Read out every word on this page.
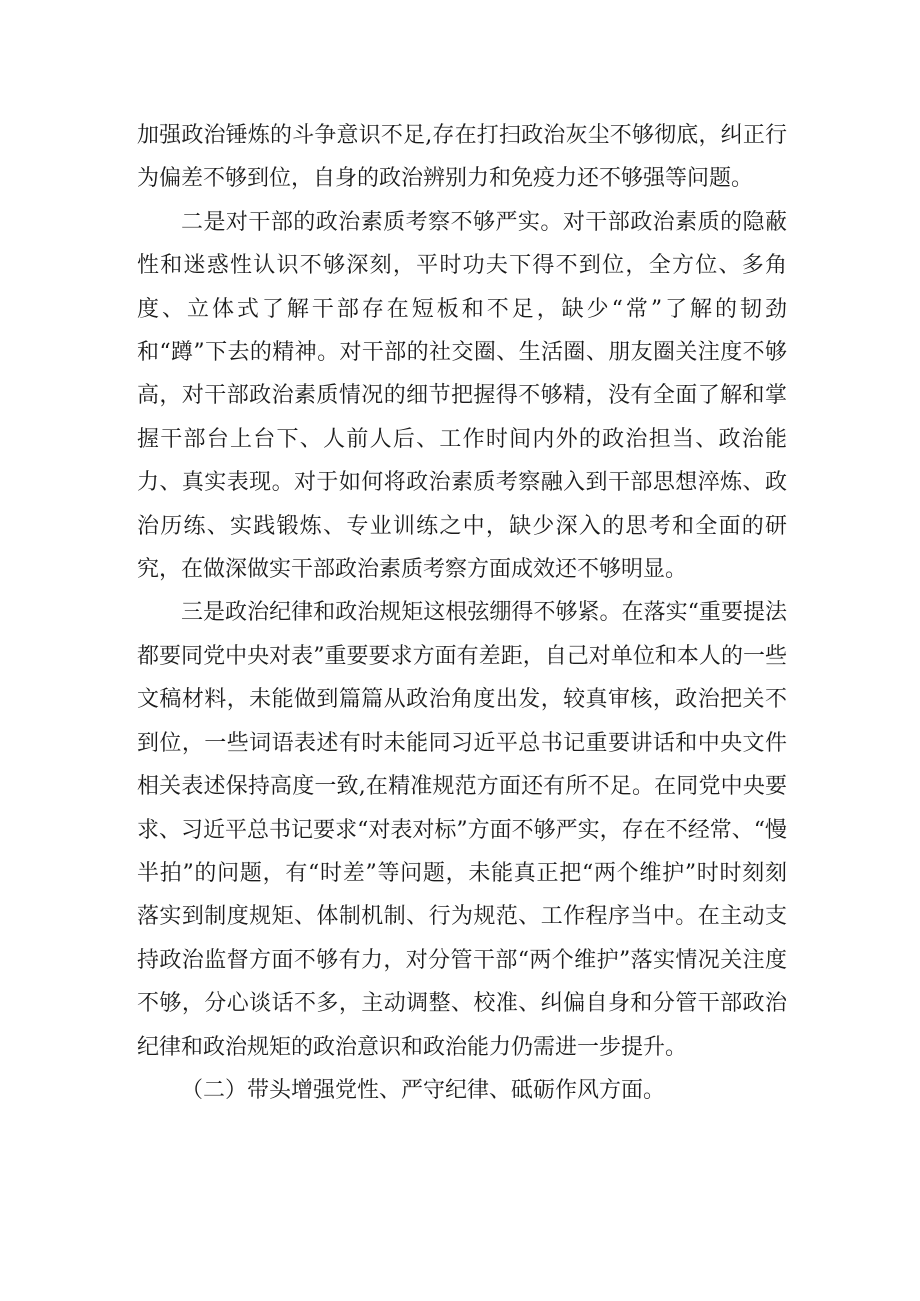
加强政治锤炼的斗争意识不足,存在打扫政治灰尘不够彻底，纠正行为偏差不够到位，自身的政治辨别力和免疫力还不够强等问题。

二是对干部的政治素质考察不够严实。对干部政治素质的隐蔽性和迷惑性认识不够深刻，平时功夫下得不到位，全方位、多角度、立体式了解干部存在短板和不足，缺少“常”了解的韧劲和“蹲”下去的精神。对干部的社交圈、生活圈、朋友圈关注度不够高，对干部政治素质情况的细节把握得不够精，没有全面了解和掌握干部台上台下、人前人后、工作时间内外的政治担当、政治能力、真实表现。对于如何将政治素质考察融入到干部思想淬炼、政治历练、实践锻炼、专业训练之中，缺少深入的思考和全面的研究，在做深做实干部政治素质考察方面成效还不够明显。

三是政治纪律和政治规矩这根弦绷得不够紧。在落实“重要提法都要同党中央对表”重要要求方面有差距，自己对单位和本人的一些文稿材料，未能做到篇篇从政治角度出发，较真审核，政治把关不到位，一些词语表述有时未能同习近平总书记重要讲话和中央文件相关表述保持高度一致,在精准规范方面还有所不足。在同党中央要求、习近平总书记要求“对表对标”方面不够严实，存在不经常、“慢半拍”的问题，有“时差”等问题，未能真正把“两个维护”时时刻刻落实到制度规矩、体制机制、行为规范、工作程序当中。在主动支持政治监督方面不够有力，对分管干部“两个维护”落实情况关注度不够，分心谈话不多，主动调整、校准、纠偏自身和分管干部政治纪律和政治规矩的政治意识和政治能力仍需进一步提升。

（二）带头增强党性、严守纪律、砥砺作风方面。
